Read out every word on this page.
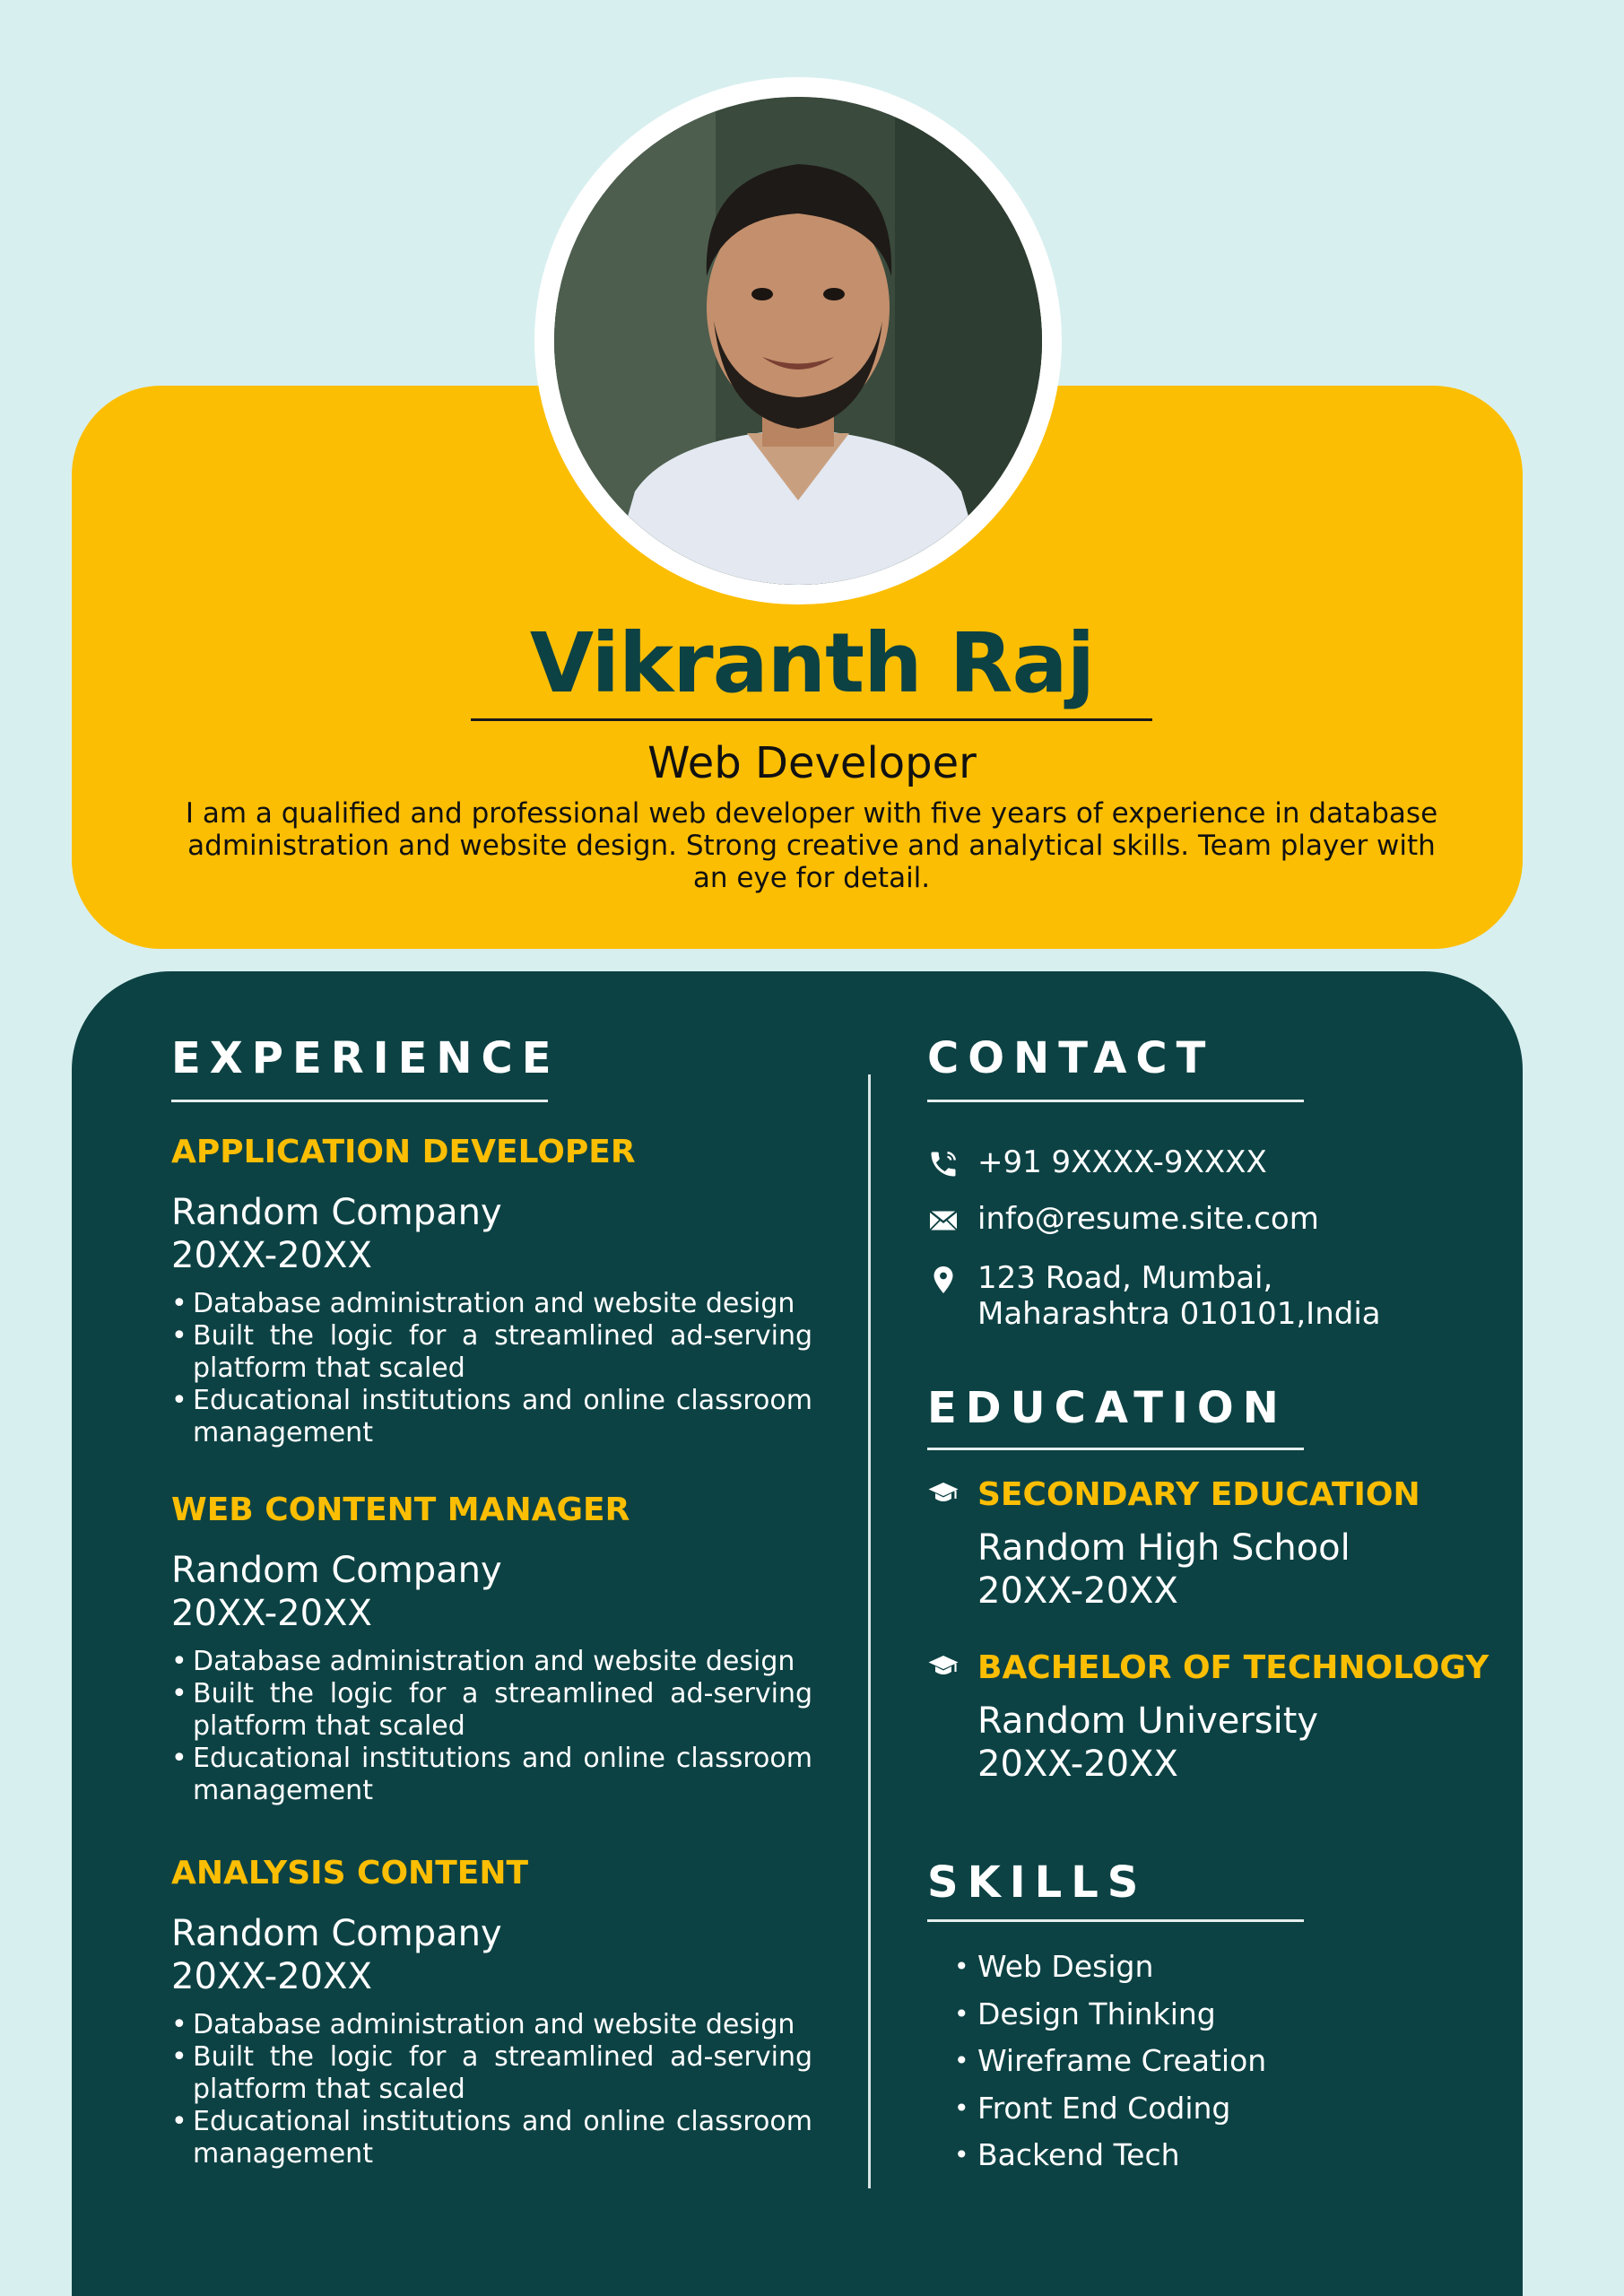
Vikranth Raj
Web Developer
I am a qualified and professional web developer with five years of experience in database administration and website design. Strong creative and analytical skills. Team player with an eye for detail.
EXPERIENCE
APPLICATION DEVELOPER
Random Company
20XX-20XX
• Database administration and website design
• Built the logic for a streamlined ad-serving platform that scaled
• Educational institutions and online classroom management
WEB CONTENT MANAGER
Random Company
20XX-20XX
• Database administration and website design
• Built the logic for a streamlined ad-serving platform that scaled
• Educational institutions and online classroom management
ANALYSIS CONTENT
Random Company
20XX-20XX
• Database administration and website design
• Built the logic for a streamlined ad-serving platform that scaled
• Educational institutions and online classroom management
CONTACT
+91 9XXXX-9XXXX
info@resume.site.com
123 Road, Mumbai,
Maharashtra 010101,India
EDUCATION
SECONDARY EDUCATION
Random High School
20XX-20XX
BACHELOR OF TECHNOLOGY
Random University
20XX-20XX
SKILLS
• Web Design
• Design Thinking
• Wireframe Creation
• Front End Coding
• Backend Tech
